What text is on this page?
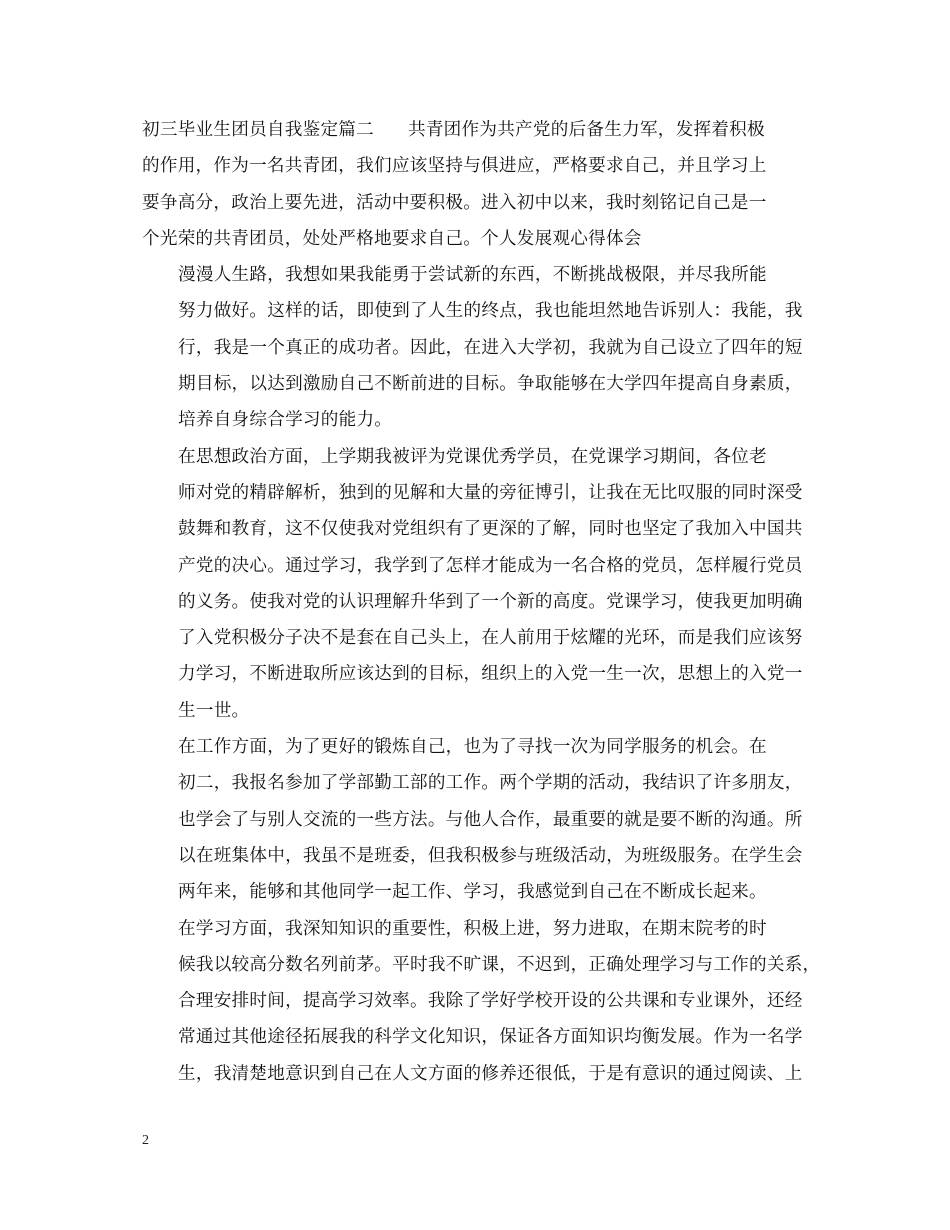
初三毕业生团员自我鉴定篇二 共青团作为共产党的后备生力军，发挥着积极
的作用，作为一名共青团，我们应该坚持与俱进应，严格要求自己，并且学习上
要争高分，政治上要先进，活动中要积极。进入初中以来，我时刻铭记自己是一
个光荣的共青团员，处处严格地要求自己。个人发展观心得体会

漫漫人生路，我想如果我能勇于尝试新的东西，不断挑战极限，并尽我所能
努力做好。这样的话，即使到了人生的终点，我也能坦然地告诉别人：我能，我
行，我是一个真正的成功者。因此，在进入大学初，我就为自己设立了四年的短
期目标，以达到激励自己不断前进的目标。争取能够在大学四年提高自身素质，
培养自身综合学习的能力。

在思想政治方面，上学期我被评为党课优秀学员，在党课学习期间，各位老
师对党的精辟解析，独到的见解和大量的旁征博引，让我在无比叹服的同时深受
鼓舞和教育，这不仅使我对党组织有了更深的了解，同时也坚定了我加入中国共
产党的决心。通过学习，我学到了怎样才能成为一名合格的党员，怎样履行党员
的义务。使我对党的认识理解升华到了一个新的高度。党课学习，使我更加明确
了入党积极分子决不是套在自己头上，在人前用于炫耀的光环，而是我们应该努
力学习，不断进取所应该达到的目标，组织上的入党一生一次，思想上的入党一
生一世。

在工作方面，为了更好的锻炼自己，也为了寻找一次为同学服务的机会。在
初二，我报名参加了学部勤工部的工作。两个学期的活动，我结识了许多朋友，
也学会了与别人交流的一些方法。与他人合作，最重要的就是要不断的沟通。所
以在班集体中，我虽不是班委，但我积极参与班级活动，为班级服务。在学生会
两年来，能够和其他同学一起工作、学习，我感觉到自己在不断成长起来。

在学习方面，我深知知识的重要性，积极上进，努力进取，在期末院考的时
候我以较高分数名列前茅。平时我不旷课，不迟到，正确处理学习与工作的关系，
合理安排时间，提高学习效率。我除了学好学校开设的公共课和专业课外，还经
常通过其他途径拓展我的科学文化知识，保证各方面知识均衡发展。作为一名学
生，我清楚地意识到自己在人文方面的修养还很低，于是有意识的通过阅读、上

2
